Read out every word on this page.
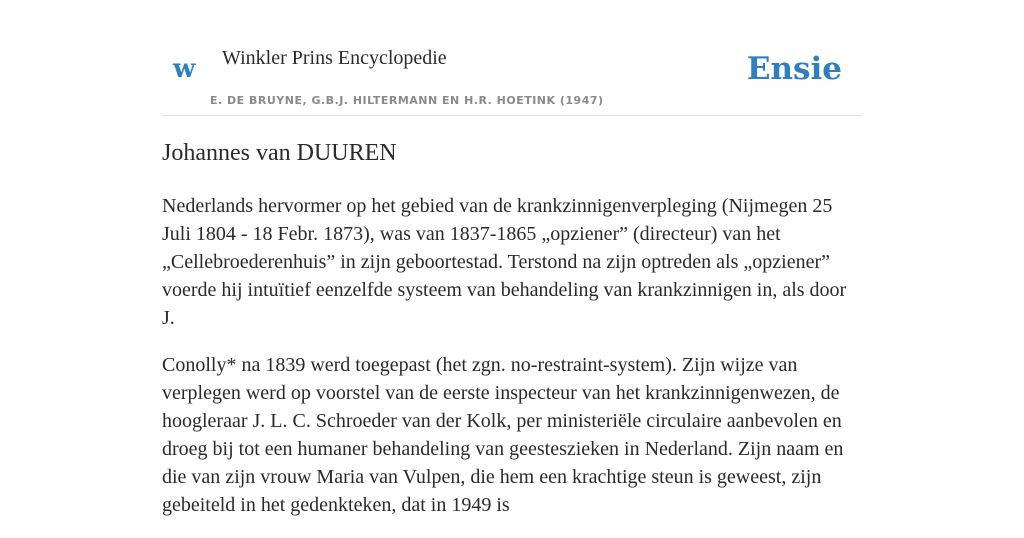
w Winkler Prins Encyclopedie
E. DE BRUYNE, G.B.J. HILTERMANN EN H.R. HOETINK (1947)
Ensie
Johannes van DUUREN

Nederlands hervormer op het gebied van de krankzinnigenverpleging (Nijmegen 25 Juli 1804 - 18 Febr. 1873), was van 1837-1865 „opziener” (directeur) van het „Cellebroederenhuis” in zijn geboortestad. Terstond na zijn optreden als „opziener” voerde hij intuïtief eenzelfde systeem van behandeling van krankzinnigen in, als door J.

Conolly* na 1839 werd toegepast (het zgn. no-restraint-system). Zijn wijze van verplegen werd op voorstel van de eerste inspecteur van het krankzinnigenwezen, de hoogleraar J. L. C. Schroeder van der Kolk, per ministeriële circulaire aanbevolen en droeg bij tot een humaner behandeling van geesteszieken in Nederland. Zijn naam en die van zijn vrouw Maria van Vulpen, die hem een krachtige steun is geweest, zijn gebeiteld in het gedenkteken, dat in 1949 is
